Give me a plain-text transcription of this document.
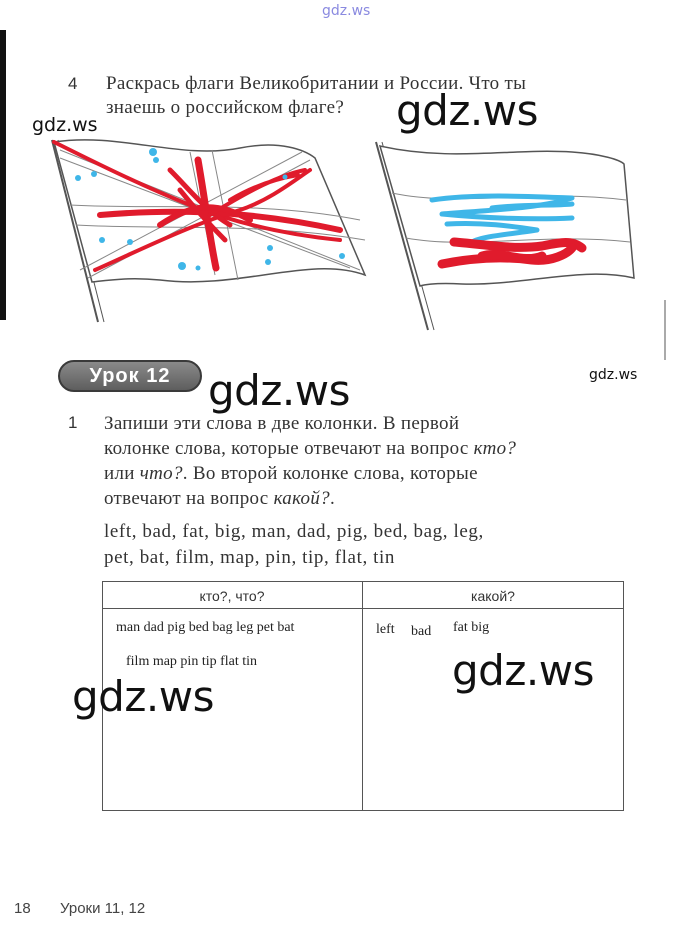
gdz.ws
4 Раскрась флаги Великобритании и России. Что ты
знаешь о российском флаге? gdz.ws
gdz.ws
Урок 12 gdz.ws	gdz.ws
1 Запиши эти слова в две колонки. В первой
колонке слова, которые отвечают на вопрос кто?
или что?. Во второй колонке слова, которые
отвечают на вопрос какой?.
left, bad, fat, big, man, dad, pig, bed, bag, leg,
pet, bat, film, map, pin, tip, flat, tin
кто?, что?	какой?
man dad pig bed bag leg pet bat
film map pin tip flat tin
left bad fat big
gdz.ws
gdz.ws
18 Уроки 11, 12
